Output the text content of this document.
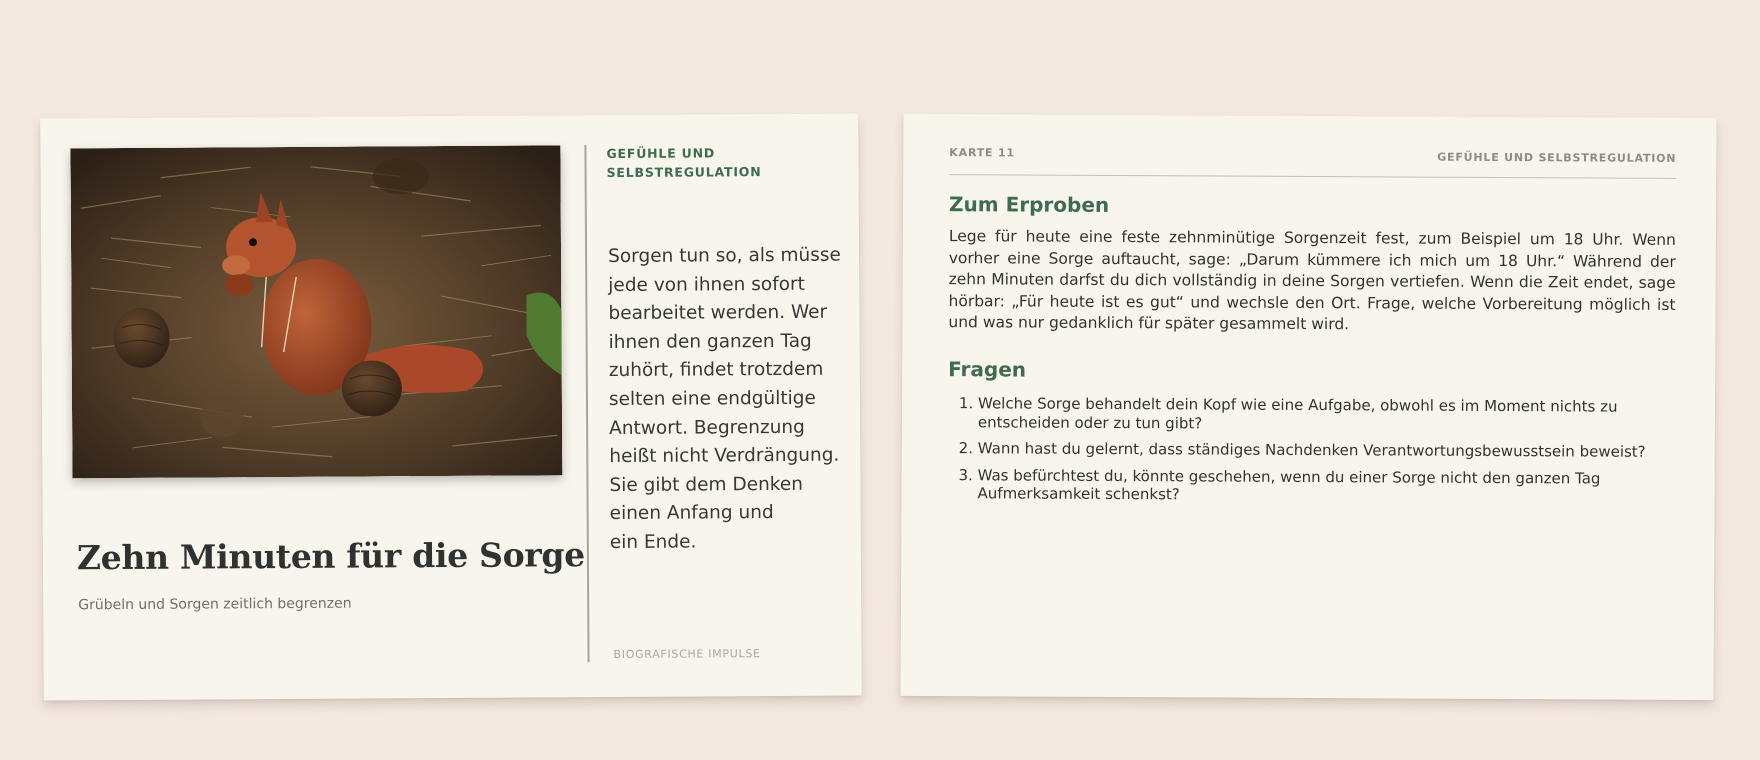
Zehn Minuten für die Sorge
Grübeln und Sorgen zeitlich begrenzen
GEFÜHLE UND
SELBSTREGULATION
Sorgen tun so, als müsse
jede von ihnen sofort
bearbeitet werden. Wer
ihnen den ganzen Tag
zuhört, findet trotzdem
selten eine endgültige
Antwort. Begrenzung
heißt nicht Verdrängung.
Sie gibt dem Denken
einen Anfang und
ein Ende.
BIOGRAFISCHE IMPULSE
KARTE 11	GEFÜHLE UND SELBSTREGULATION
Zum Erproben

Lege für heute eine feste zehnminütige Sorgenzeit fest, zum Beispiel um 18 Uhr. Wenn vorher eine Sorge auftaucht, sage: „Darum kümmere ich mich um 18 Uhr.“ Während der zehn Minuten darfst du dich vollständig in deine Sorgen vertiefen. Wenn die Zeit endet, sage hörbar: „Für heute ist es gut“ und wechsle den Ort. Frage, welche Vorbereitung möglich ist und was nur gedanklich für später gesammelt wird.

Fragen
1. Welche Sorge behandelt dein Kopf wie eine Aufgabe, obwohl es im Moment nichts zu entscheiden oder zu tun gibt?
2. Wann hast du gelernt, dass ständiges Nachdenken Verantwortungsbewusstsein beweist?
3. Was befürchtest du, könnte geschehen, wenn du einer Sorge nicht den ganzen Tag Aufmerksamkeit schenkst?
